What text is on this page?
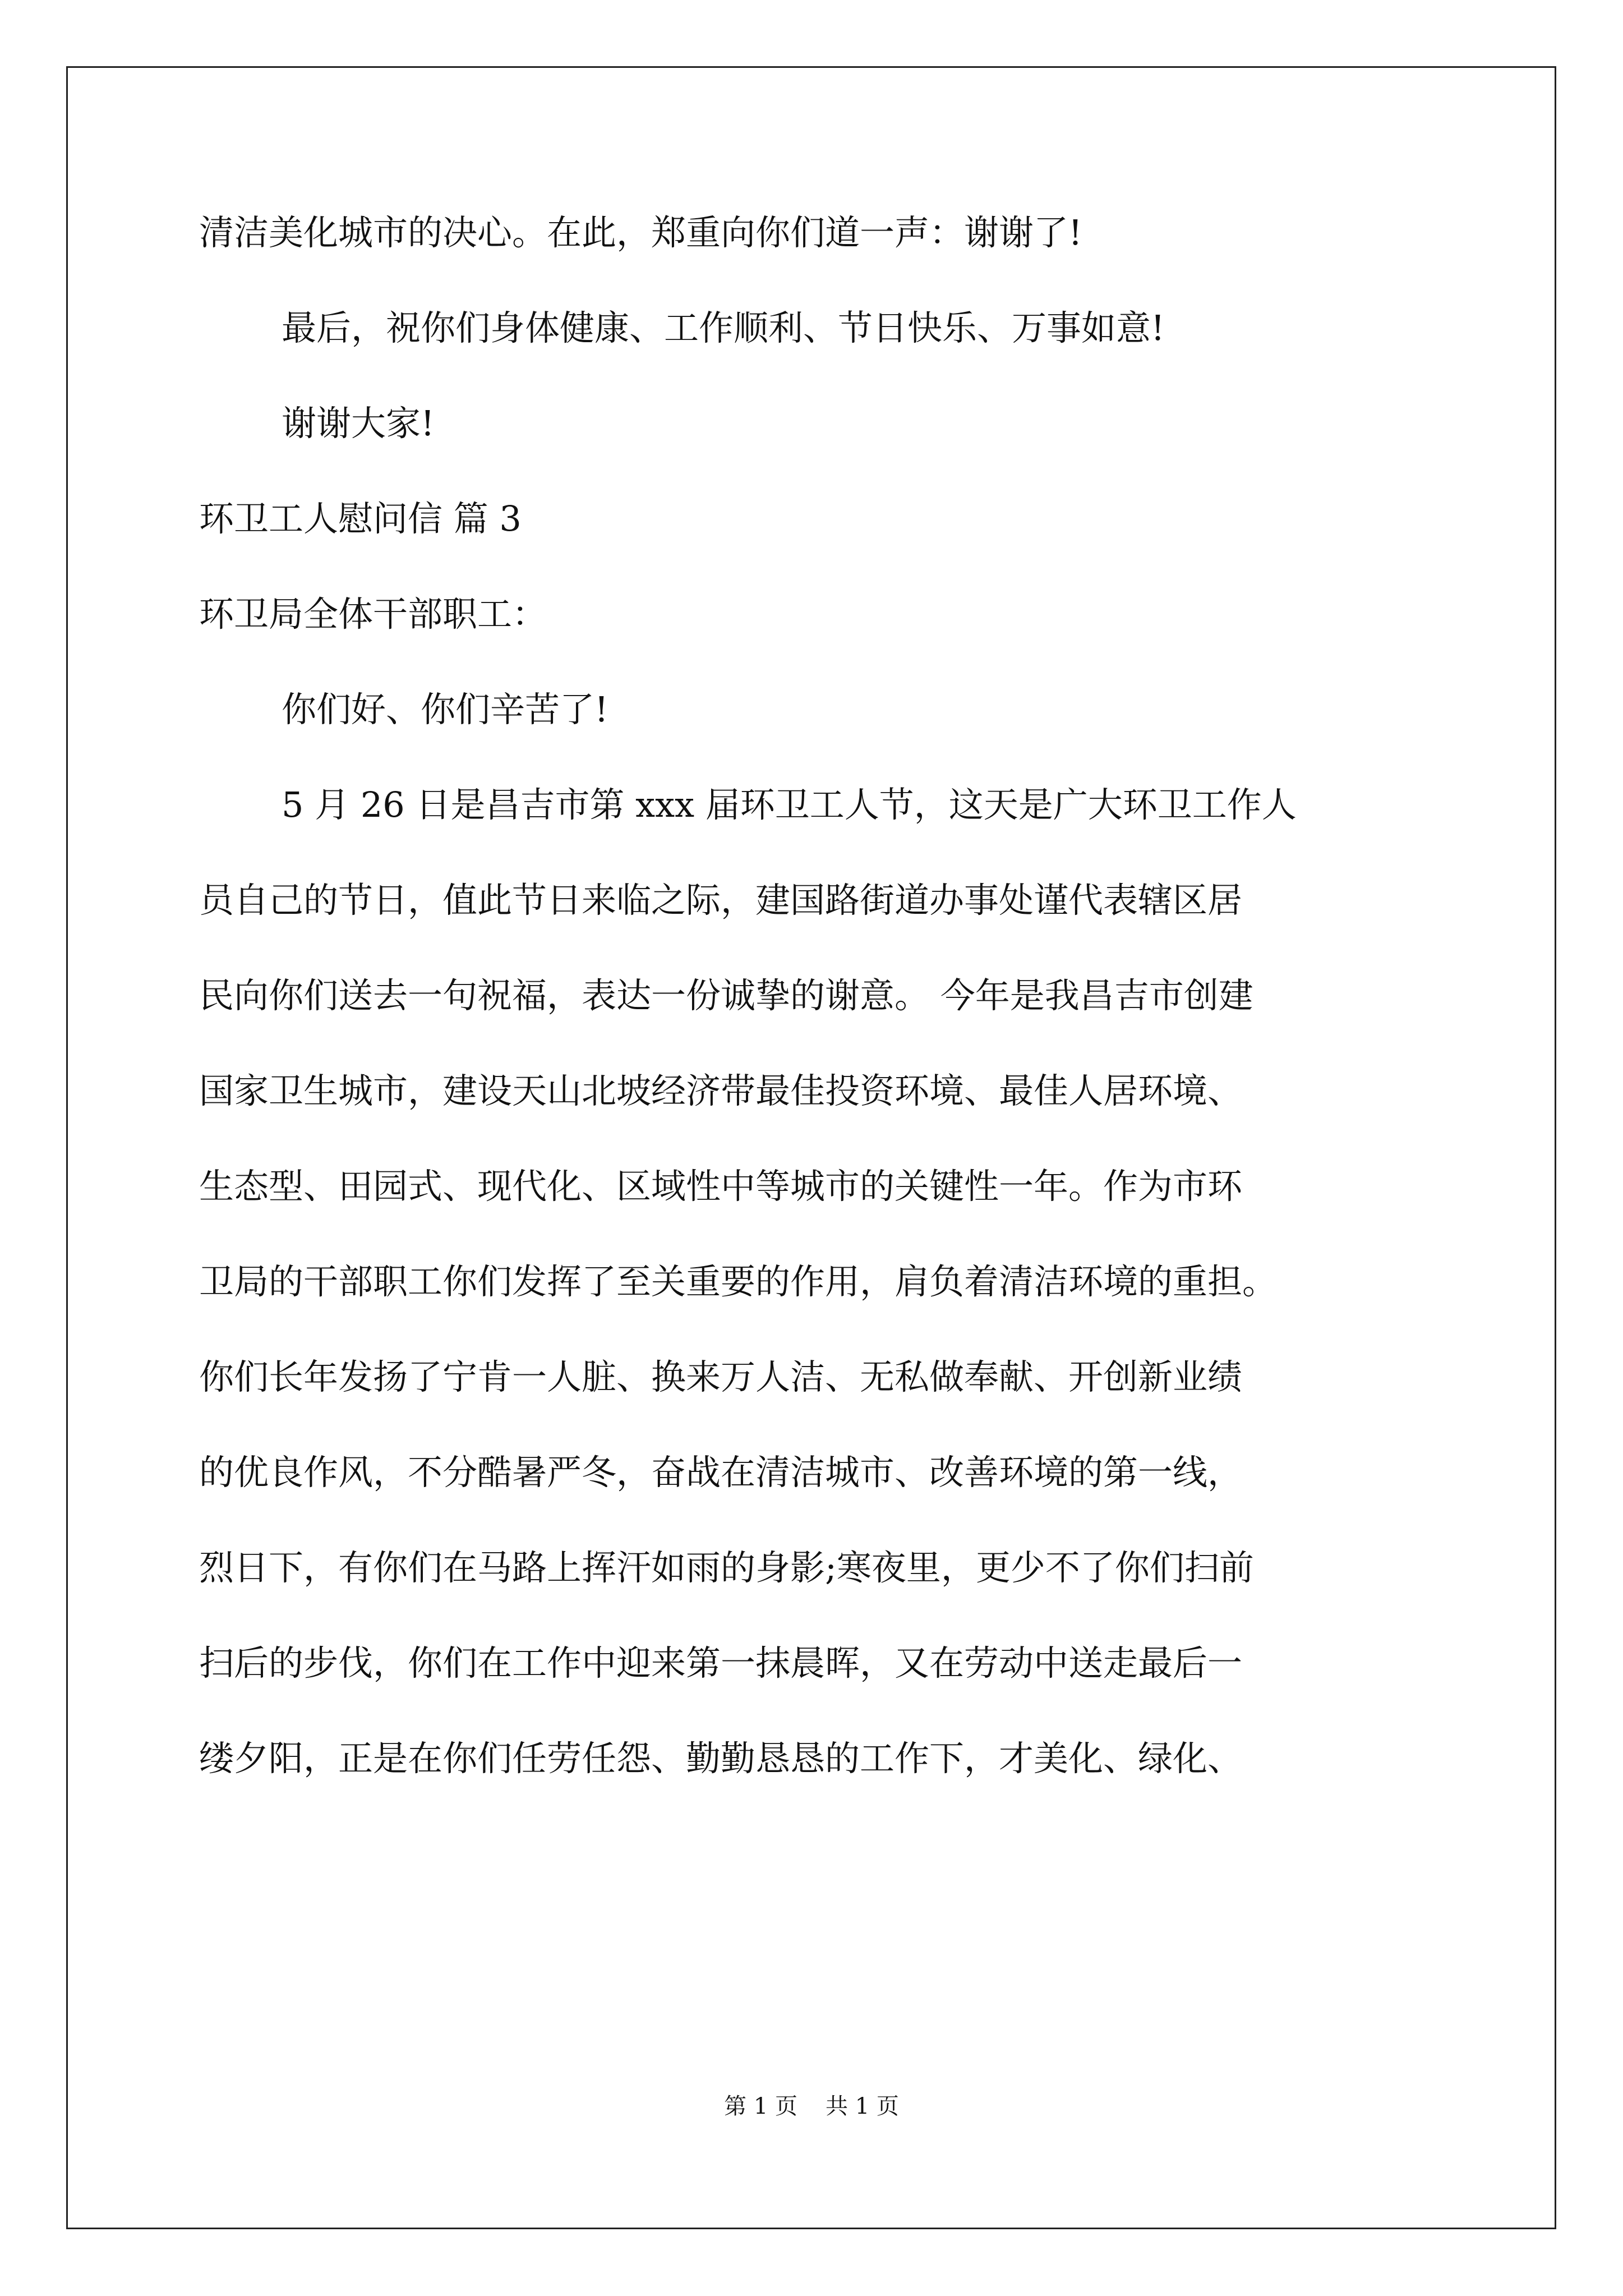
清洁美化城市的决心。在此，郑重向你们道一声：谢谢了!
最后，祝你们身体健康、工作顺利、节日快乐、万事如意!
谢谢大家!
环卫工人慰问信 篇 3
环卫局全体干部职工：
你们好、你们辛苦了!
5 月 26 日是昌吉市第 xxx 届环卫工人节，这天是广大环卫工作人
员自己的节日，值此节日来临之际，建国路街道办事处谨代表辖区居
民向你们送去一句祝福，表达一份诚挚的谢意。 今年是我昌吉市创建
国家卫生城市，建设天山北坡经济带最佳投资环境、最佳人居环境、
生态型、田园式、现代化、区域性中等城市的关键性一年。作为市环
卫局的干部职工你们发挥了至关重要的作用，肩负着清洁环境的重担。
你们长年发扬了宁肯一人脏、换来万人洁、无私做奉献、开创新业绩
的优良作风，不分酷暑严冬，奋战在清洁城市、改善环境的第一线，
烈日下，有你们在马路上挥汗如雨的身影;寒夜里，更少不了你们扫前
扫后的步伐，你们在工作中迎来第一抹晨晖，又在劳动中送走最后一
缕夕阳，正是在你们任劳任怨、勤勤恳恳的工作下，才美化、绿化、
第 1 页 共 1 页
